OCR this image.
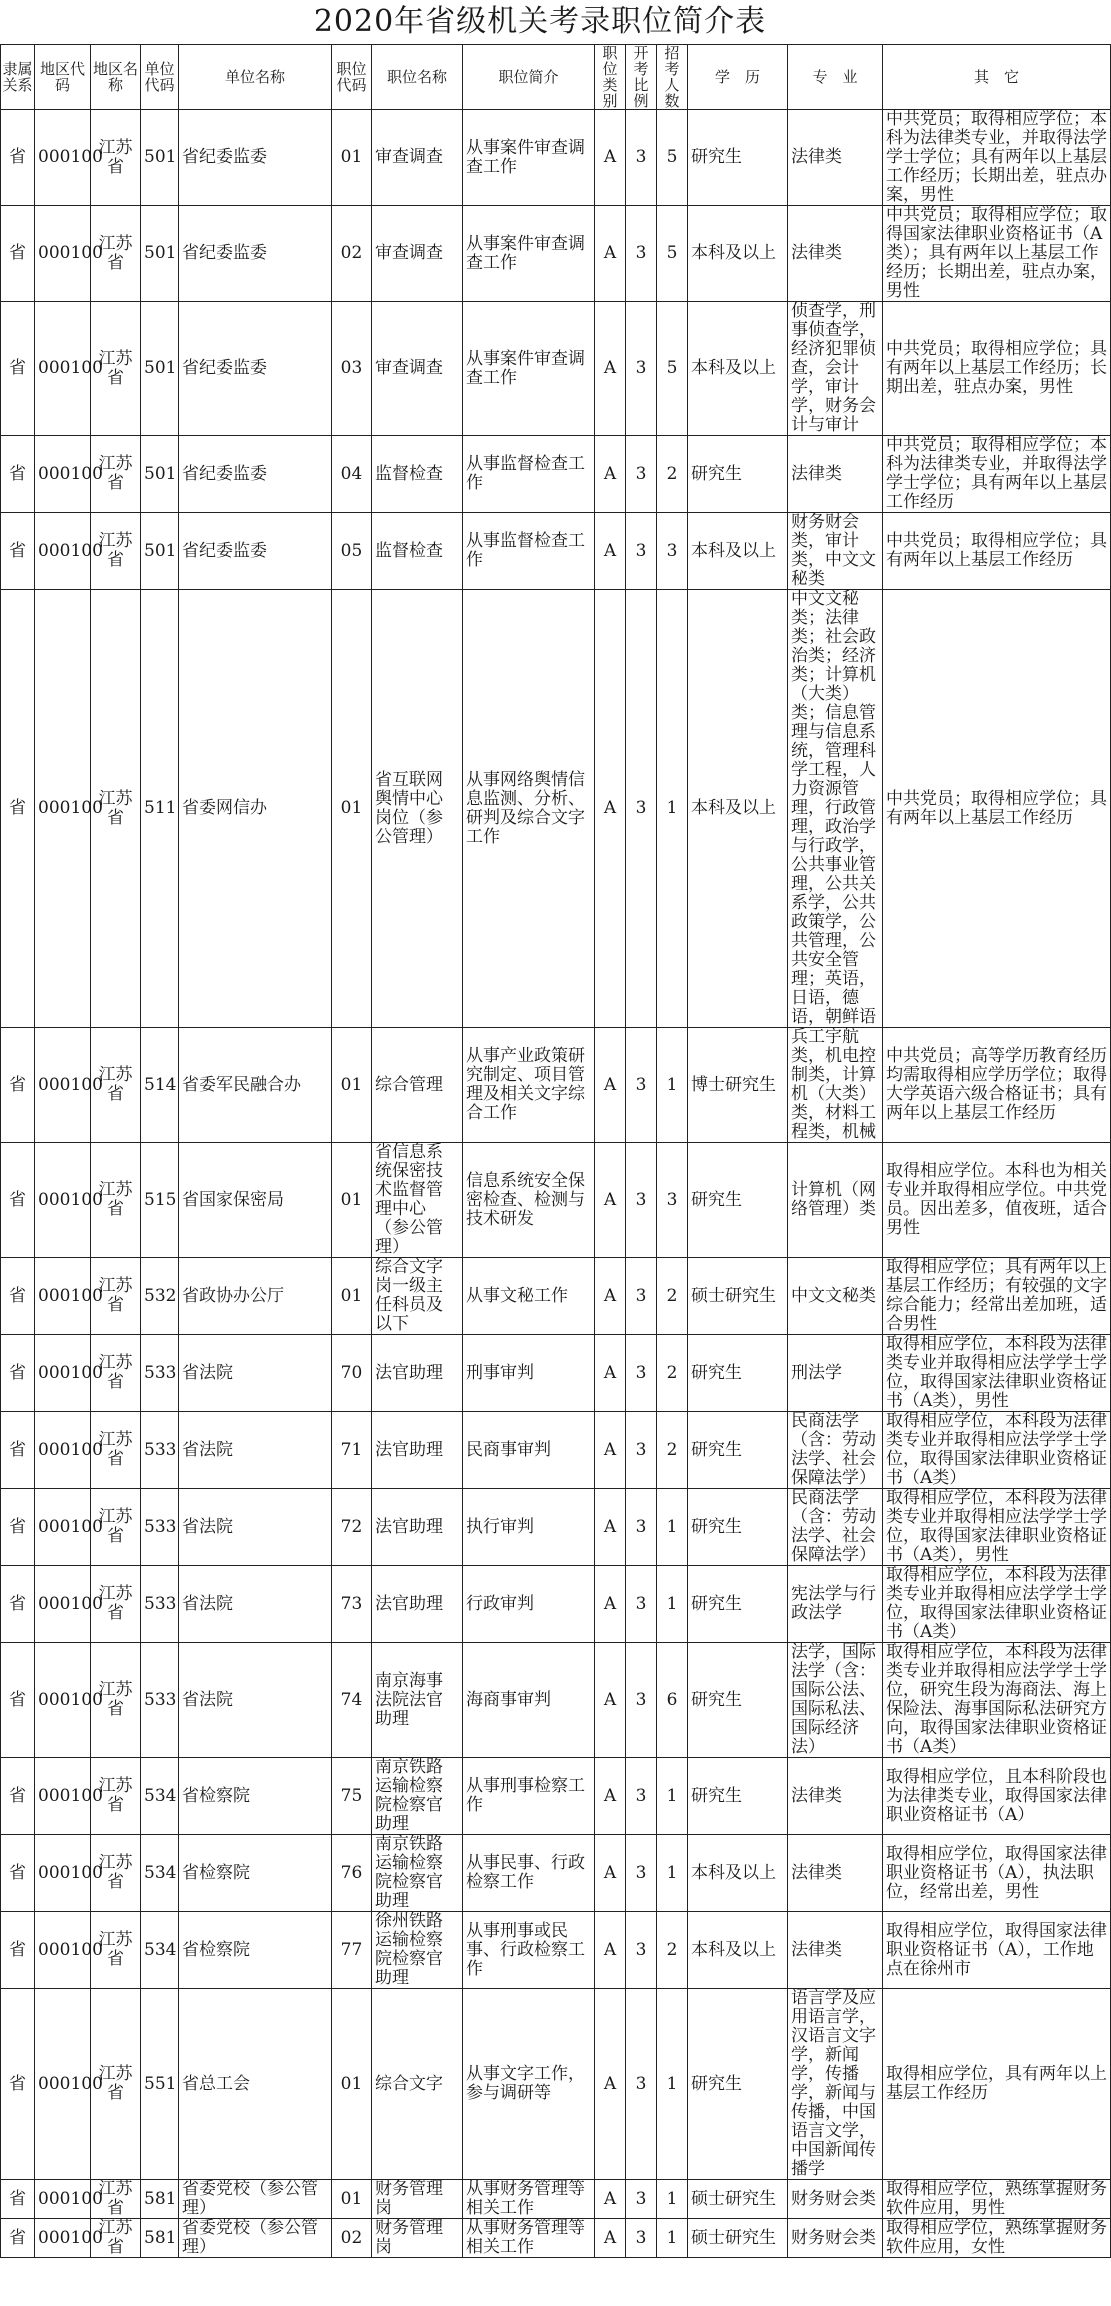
2020年省级机关考录职位简介表
隶属关系	地区代码	地区名称	单位代码	单位名称	职位代码	职位名称	职位简介	职位类别	开考比例	招考人数	学　历	专　业	其　它
省	000100	江苏省	501	省纪委监委	01	审查调查	从事案件审查调查工作	A	3	5	研究生	法律类	中共党员；取得相应学位；本科为法律类专业，并取得法学学士学位；具有两年以上基层工作经历；长期出差，驻点办案，男性
省	000100	江苏省	501	省纪委监委	02	审查调查	从事案件审查调查工作	A	3	5	本科及以上	法律类	中共党员；取得相应学位；取得国家法律职业资格证书（A类）；具有两年以上基层工作经历；长期出差，驻点办案，男性
省	000100	江苏省	501	省纪委监委	03	审查调查	从事案件审查调查工作	A	3	5	本科及以上	侦查学，刑事侦查学，经济犯罪侦查，会计学，审计学，财务会计与审计	中共党员；取得相应学位；具有两年以上基层工作经历；长期出差，驻点办案，男性
省	000100	江苏省	501	省纪委监委	04	监督检查	从事监督检查工作	A	3	2	研究生	法律类	中共党员；取得相应学位；本科为法律类专业，并取得法学学士学位；具有两年以上基层工作经历
省	000100	江苏省	501	省纪委监委	05	监督检查	从事监督检查工作	A	3	3	本科及以上	财务财会类，审计类，中文文秘类	中共党员；取得相应学位；具有两年以上基层工作经历
省	000100	江苏省	511	省委网信办	01	省互联网舆情中心岗位（参公管理）	从事网络舆情信息监测、分析、研判及综合文字工作	A	3	1	本科及以上	中文文秘类；法律类；社会政治类；经济类；计算机（大类）类；信息管理与信息系统，管理科学工程，人力资源管理，行政管理，政治学与行政学，公共事业管理，公共关系学，公共政策学，公共管理，公共安全管理；英语，日语，德语，朝鲜语	中共党员；取得相应学位；具有两年以上基层工作经历
省	000100	江苏省	514	省委军民融合办	01	综合管理	从事产业政策研究制定、项目管理及相关文字综合工作	A	3	1	博士研究生	兵工宇航类，机电控制类，计算机（大类）类，材料工程类，机械	中共党员；高等学历教育经历均需取得相应学历学位；取得大学英语六级合格证书；具有两年以上基层工作经历
省	000100	江苏省	515	省国家保密局	01	省信息系统保密技术监督管理中心（参公管理）	信息系统安全保密检查、检测与技术研发	A	3	3	研究生	计算机（网络管理）类	取得相应学位。本科也为相关专业并取得相应学位。中共党员。因出差多，值夜班，适合男性
省	000100	江苏省	532	省政协办公厅	01	综合文字岗一级主任科员及以下	从事文秘工作	A	3	2	硕士研究生	中文文秘类	取得相应学位；具有两年以上基层工作经历；有较强的文字综合能力；经常出差加班，适合男性
省	000100	江苏省	533	省法院	70	法官助理	刑事审判	A	3	2	研究生	刑法学	取得相应学位，本科段为法律类专业并取得相应法学学士学位，取得国家法律职业资格证书（A类），男性
省	000100	江苏省	533	省法院	71	法官助理	民商事审判	A	3	2	研究生	民商法学（含：劳动法学、社会保障法学）	取得相应学位，本科段为法律类专业并取得相应法学学士学位，取得国家法律职业资格证书（A类）
省	000100	江苏省	533	省法院	72	法官助理	执行审判	A	3	1	研究生	民商法学（含：劳动法学、社会保障法学）	取得相应学位，本科段为法律类专业并取得相应法学学士学位，取得国家法律职业资格证书（A类），男性
省	000100	江苏省	533	省法院	73	法官助理	行政审判	A	3	1	研究生	宪法学与行政法学	取得相应学位，本科段为法律类专业并取得相应法学学士学位，取得国家法律职业资格证书（A类）
省	000100	江苏省	533	省法院	74	南京海事法院法官助理	海商事审判	A	3	6	研究生	法学，国际法学（含：国际公法、国际私法、国际经济法）	取得相应学位，本科段为法律类专业并取得相应法学学士学位，研究生段为海商法、海上保险法、海事国际私法研究方向，取得国家法律职业资格证书（A类）
省	000100	江苏省	534	省检察院	75	南京铁路运输检察院检察官助理	从事刑事检察工作	A	3	1	研究生	法律类	取得相应学位，且本科阶段也为法律类专业，取得国家法律职业资格证书（A）
省	000100	江苏省	534	省检察院	76	南京铁路运输检察院检察官助理	从事民事、行政检察工作	A	3	1	本科及以上	法律类	取得相应学位，取得国家法律职业资格证书（A），执法职位，经常出差，男性
省	000100	江苏省	534	省检察院	77	徐州铁路运输检察院检察官助理	从事刑事或民事、行政检察工作	A	3	2	本科及以上	法律类	取得相应学位，取得国家法律职业资格证书（A），工作地点在徐州市
省	000100	江苏省	551	省总工会	01	综合文字	从事文字工作，参与调研等	A	3	1	研究生	语言学及应用语言学，汉语言文字学，新闻学，传播学，新闻与传播，中国语言文学，中国新闻传播学	取得相应学位，具有两年以上基层工作经历
省	000100	江苏省	581	省委党校（参公管理）	01	财务管理岗	从事财务管理等相关工作	A	3	1	硕士研究生	财务财会类	取得相应学位，熟练掌握财务软件应用，男性
省	000100	江苏省	581	省委党校（参公管理）	02	财务管理岗	从事财务管理等相关工作	A	3	1	硕士研究生	财务财会类	取得相应学位，熟练掌握财务软件应用，女性
